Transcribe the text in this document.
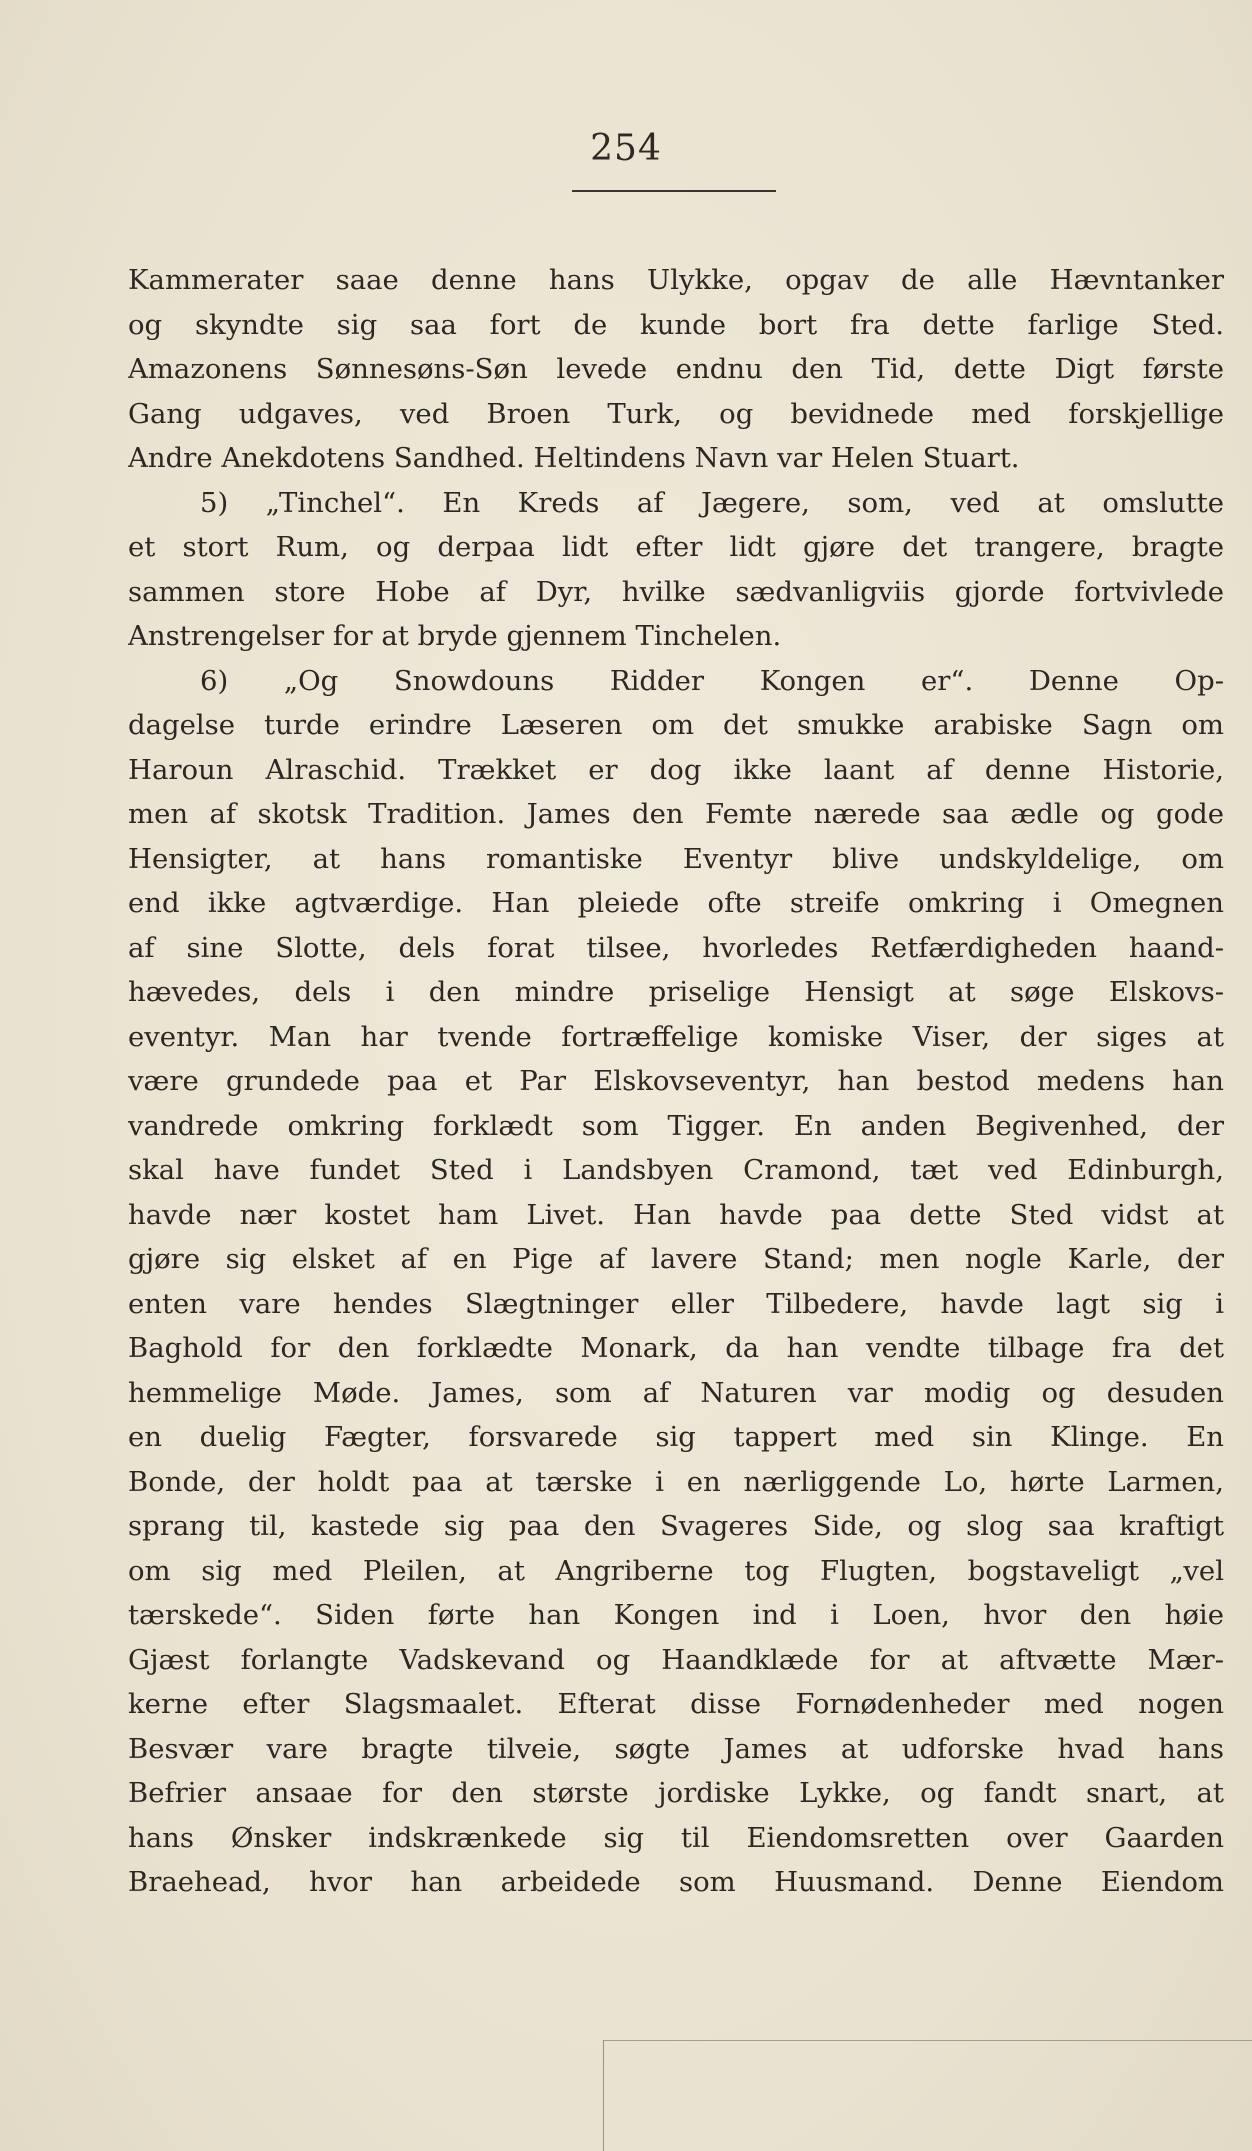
254
Kammerater saae denne hans Ulykke, opgav de alle Hævntanker
og skyndte sig saa fort de kunde bort fra dette farlige Sted.
Amazonens Sønnesøns-Søn levede endnu den Tid, dette Digt første
Gang udgaves, ved Broen Turk, og bevidnede med forskjellige
Andre Anekdotens Sandhed. Heltindens Navn var Helen Stuart.
5) „Tinchel“. En Kreds af Jægere, som, ved at omslutte
et stort Rum, og derpaa lidt efter lidt gjøre det trangere, bragte
sammen store Hobe af Dyr, hvilke sædvanligviis gjorde fortvivlede
Anstrengelser for at bryde gjennem Tinchelen.
6) „Og Snowdouns Ridder Kongen er“. Denne Op-
dagelse turde erindre Læseren om det smukke arabiske Sagn om
Haroun Alraschid. Trækket er dog ikke laant af denne Historie,
men af skotsk Tradition. James den Femte nærede saa ædle og gode
Hensigter, at hans romantiske Eventyr blive undskyldelige, om
end ikke agtværdige. Han pleiede ofte streife omkring i Omegnen
af sine Slotte, dels forat tilsee, hvorledes Retfærdigheden haand-
hævedes, dels i den mindre priselige Hensigt at søge Elskovs-
eventyr. Man har tvende fortræffelige komiske Viser, der siges at
være grundede paa et Par Elskovseventyr, han bestod medens han
vandrede omkring forklædt som Tigger. En anden Begivenhed, der
skal have fundet Sted i Landsbyen Cramond, tæt ved Edinburgh,
havde nær kostet ham Livet. Han havde paa dette Sted vidst at
gjøre sig elsket af en Pige af lavere Stand; men nogle Karle, der
enten vare hendes Slægtninger eller Tilbedere, havde lagt sig i
Baghold for den forklædte Monark, da han vendte tilbage fra det
hemmelige Møde. James, som af Naturen var modig og desuden
en duelig Fægter, forsvarede sig tappert med sin Klinge. En
Bonde, der holdt paa at tærske i en nærliggende Lo, hørte Larmen,
sprang til, kastede sig paa den Svageres Side, og slog saa kraftigt
om sig med Pleilen, at Angriberne tog Flugten, bogstaveligt „vel
tærskede“. Siden førte han Kongen ind i Loen, hvor den høie
Gjæst forlangte Vadskevand og Haandklæde for at aftvætte Mær-
kerne efter Slagsmaalet. Efterat disse Fornødenheder med nogen
Besvær vare bragte tilveie, søgte James at udforske hvad hans
Befrier ansaae for den største jordiske Lykke, og fandt snart, at
hans Ønsker indskrænkede sig til Eiendomsretten over Gaarden
Braehead, hvor han arbeidede som Huusmand. Denne Eiendom
